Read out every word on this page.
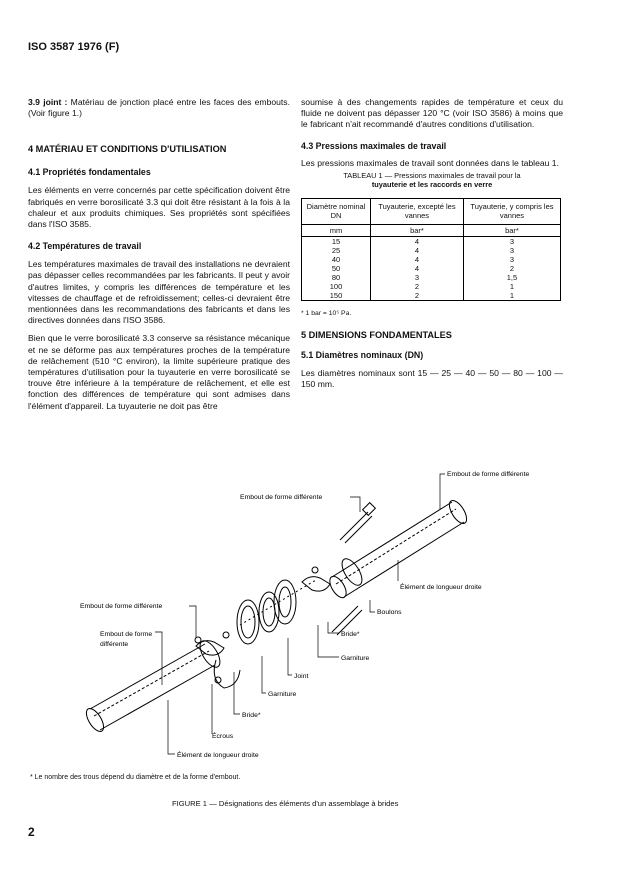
ISO 3587 1976 (F)

3.9 joint : Matériau de jonction placé entre les faces des embouts. (Voir figure 1.)

4 MATÉRIAU ET CONDITIONS D'UTILISATION
4.1 Propriétés fondamentales

Les éléments en verre concernés par cette spécification doivent être fabriqués en verre borosilicaté 3.3 qui doit être résistant à la fois à la chaleur et aux produits chimiques. Ses propriétés sont spécifiées dans l'ISO 3585.

4.2 Températures de travail

Les températures maximales de travail des installations ne devraient pas dépasser celles recommandées par les fabricants. Il peut y avoir d'autres limites, y compris les différences de température et les vitesses de chauffage et de refroidissement; celles-ci devraient être mentionnées dans les recommandations des fabricants et dans les directives données dans l'ISO 3586.

Bien que le verre borosilicaté 3.3 conserve sa résistance mécanique et ne se déforme pas aux températures proches de la température de relâchement (510 °C environ), la limite supérieure pratique des températures d'utilisation pour la tuyauterie en verre borosilicaté se trouve être inférieure à la température de relâchement, et elle est fonction des différences de température qui sont admises dans l'élément d'appareil. La tuyauterie ne doit pas être

soumise à des changements rapides de température et ceux du fluide ne doivent pas dépasser 120 °C (voir ISO 3586) à moins que le fabricant n'ait recommandé d'autres conditions d'utilisation.

4.3 Pressions maximales de travail

Les pressions maximales de travail sont données dans le tableau 1.

TABLEAU 1 — Pressions maximales de travail pour la
tuyauterie et les raccords en verre
Diamètre nominal DN	Tuyauterie, excepté les vannes	Tuyauterie, y compris les vannes
mm	bar*	bar*
15	4	3
25	4	3
40	4	3
50	4	2
80	3	1,5
100	2	1
150	2	1
* 1 bar = 10⁵ Pa.
5 DIMENSIONS FONDAMENTALES
5.1 Diamètres nominaux (DN)

Les diamètres nominaux sont 15 — 25 — 40 — 50 — 80 — 100 — 150 mm.

Embout de forme différente
Embout de forme différente
Élément de longueur droite
Boulons
Embout de forme différente
Embout de forme
différente
Bride*
Garniture
Joint
Garniture
Bride*
Écrous
Élément de longueur droite
* Le nombre des trous dépend du diamètre et de la forme d'embout.
FIGURE 1 — Désignations des éléments d'un assemblage à brides
2
